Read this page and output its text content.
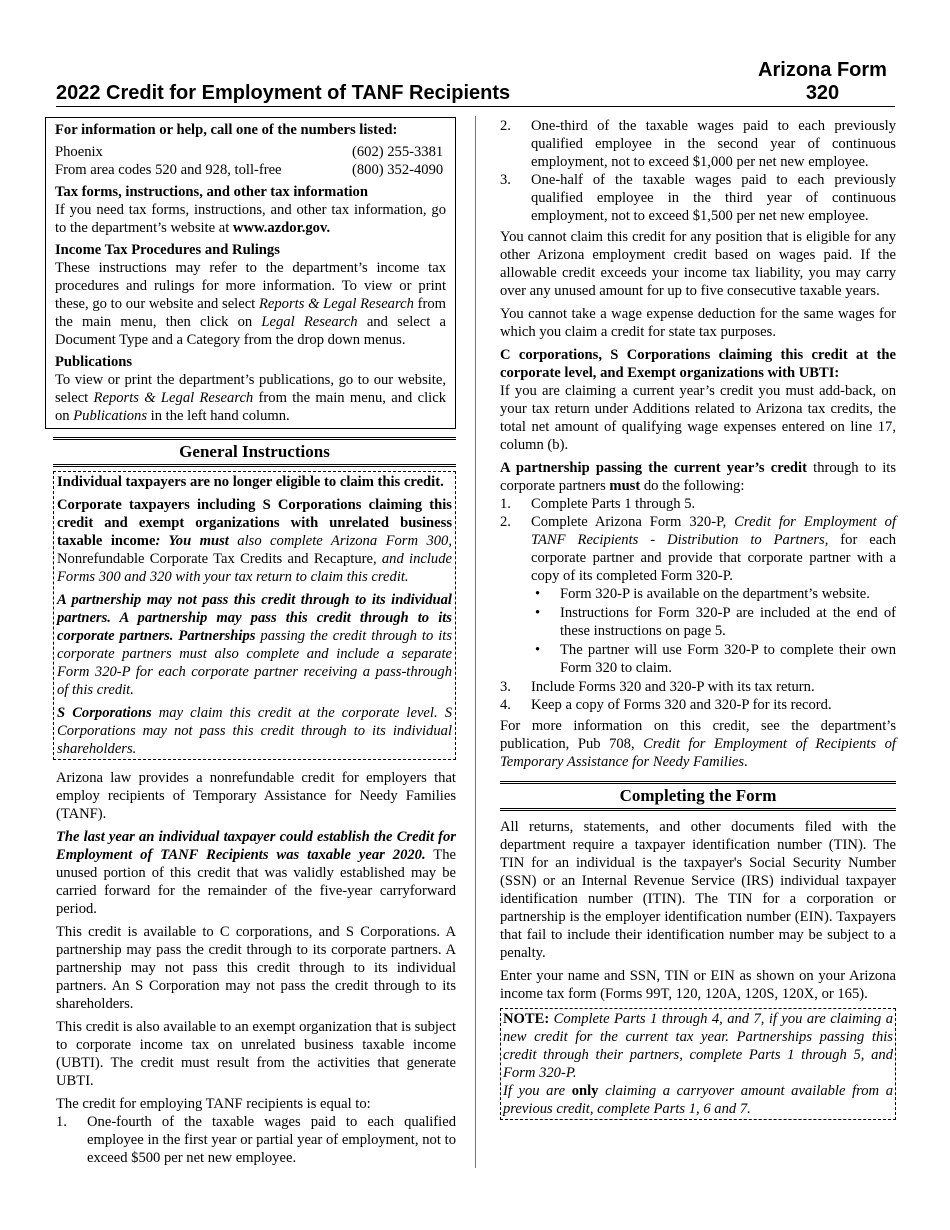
2022 Credit for Employment of TANF Recipients
Arizona Form
320

For information or help, call one of the numbers listed:

Phoenix	(602) 255-3381
From area codes 520 and 928, toll-free	(800) 352-4090

Tax forms, instructions, and other tax information

If you need tax forms, instructions, and other tax information, go to the department’s website at www.azdor.gov.

Income Tax Procedures and Rulings

These instructions may refer to the department’s income tax procedures and rulings for more information. To view or print these, go to our website and select Reports & Legal Research from the main menu, then click on Legal Research and select a Document Type and a Category from the drop down menus.

Publications

To view or print the department’s publications, go to our website, select Reports & Legal Research from the main menu, and click on Publications in the left hand column.

General Instructions

Individual taxpayers are no longer eligible to claim this credit.

Corporate taxpayers including S Corporations claiming this credit and exempt organizations with unrelated business taxable income: You must also complete Arizona Form 300, Nonrefundable Corporate Tax Credits and Recapture, and include Forms 300 and 320 with your tax return to claim this credit.

A partnership may not pass this credit through to its individual partners. A partnership may pass this credit through to its corporate partners. Partnerships passing the credit through to its corporate partners must also complete and include a separate Form 320-P for each corporate partner receiving a pass-through of this credit.

S Corporations may claim this credit at the corporate level. S Corporations may not pass this credit through to its individual shareholders.

Arizona law provides a nonrefundable credit for employers that employ recipients of Temporary Assistance for Needy Families (TANF).

The last year an individual taxpayer could establish the Credit for Employment of TANF Recipients was taxable year 2020. The unused portion of this credit that was validly established may be carried forward for the remainder of the five-year carryforward period.

This credit is available to C corporations, and S Corporations. A partnership may pass the credit through to its corporate partners. A partnership may not pass this credit through to its individual partners. An S Corporation may not pass the credit through to its shareholders.

This credit is also available to an exempt organization that is subject to corporate income tax on unrelated business taxable income (UBTI). The credit must result from the activities that generate UBTI.

The credit for employing TANF recipients is equal to:

1. One-fourth of the taxable wages paid to each qualified employee in the first year or partial year of employment, not to exceed $500 per net new employee.
2. One-third of the taxable wages paid to each previously qualified employee in the second year of continuous employment, not to exceed $1,000 per net new employee.
3. One-half of the taxable wages paid to each previously qualified employee in the third year of continuous employment, not to exceed $1,500 per net new employee.

You cannot claim this credit for any position that is eligible for any other Arizona employment credit based on wages paid. If the allowable credit exceeds your income tax liability, you may carry over any unused amount for up to five consecutive taxable years.

You cannot take a wage expense deduction for the same wages for which you claim a credit for state tax purposes.

C corporations, S Corporations claiming this credit at the corporate level, and Exempt organizations with UBTI:

If you are claiming a current year’s credit you must add-back, on your tax return under Additions related to Arizona tax credits, the total net amount of qualifying wage expenses entered on line 17, column (b).

A partnership passing the current year’s credit through to its corporate partners must do the following:

1. Complete Parts 1 through 5.
2. Complete Arizona Form 320-P, Credit for Employment of TANF Recipients - Distribution to Partners, for each corporate partner and provide that corporate partner with a copy of its completed Form 320-P.
• Form 320-P is available on the department’s website.
• Instructions for Form 320-P are included at the end of these instructions on page 5.
• The partner will use Form 320-P to complete their own Form 320 to claim.
3. Include Forms 320 and 320-P with its tax return.
4. Keep a copy of Forms 320 and 320-P for its record.

For more information on this credit, see the department’s publication, Pub 708, Credit for Employment of Recipients of Temporary Assistance for Needy Families.

Completing the Form

All returns, statements, and other documents filed with the department require a taxpayer identification number (TIN). The TIN for an individual is the taxpayer's Social Security Number (SSN) or an Internal Revenue Service (IRS) individual taxpayer identification number (ITIN). The TIN for a corporation or partnership is the employer identification number (EIN). Taxpayers that fail to include their identification number may be subject to a penalty.

Enter your name and SSN, TIN or EIN as shown on your Arizona income tax form (Forms 99T, 120, 120A, 120S, 120X, or 165).

NOTE: Complete Parts 1 through 4, and 7, if you are claiming a new credit for the current tax year. Partnerships passing this credit through their partners, complete Parts 1 through 5, and Form 320-P.

If you are only claiming a carryover amount available from a previous credit, complete Parts 1, 6 and 7.
